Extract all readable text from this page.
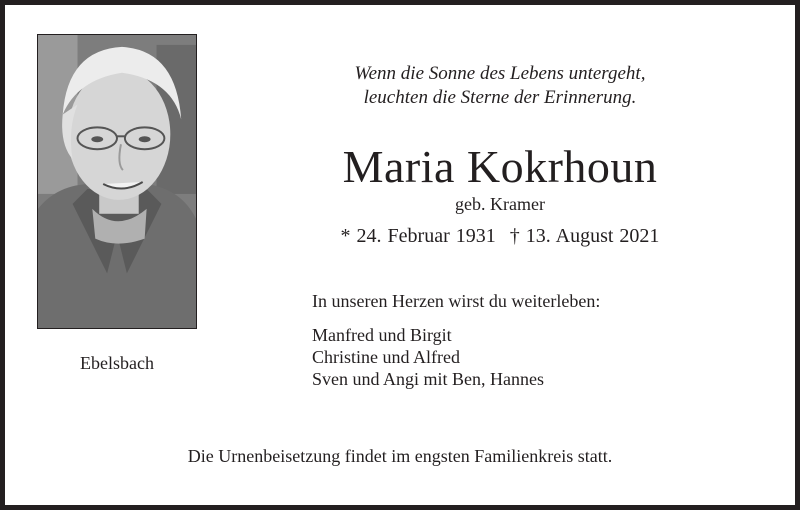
Ebelsbach
Wenn die Sonne des Lebens untergeht,
leuchten die Sterne der Erinnerung.
Maria Kokrhoun
geb. Kramer
* 24. Februar 1931 † 13. August 2021
In unseren Herzen wirst du weiterleben:
Manfred und Birgit
Christine und Alfred
Sven und Angi mit Ben, Hannes
Die Urnenbeisetzung findet im engsten Familienkreis statt.
